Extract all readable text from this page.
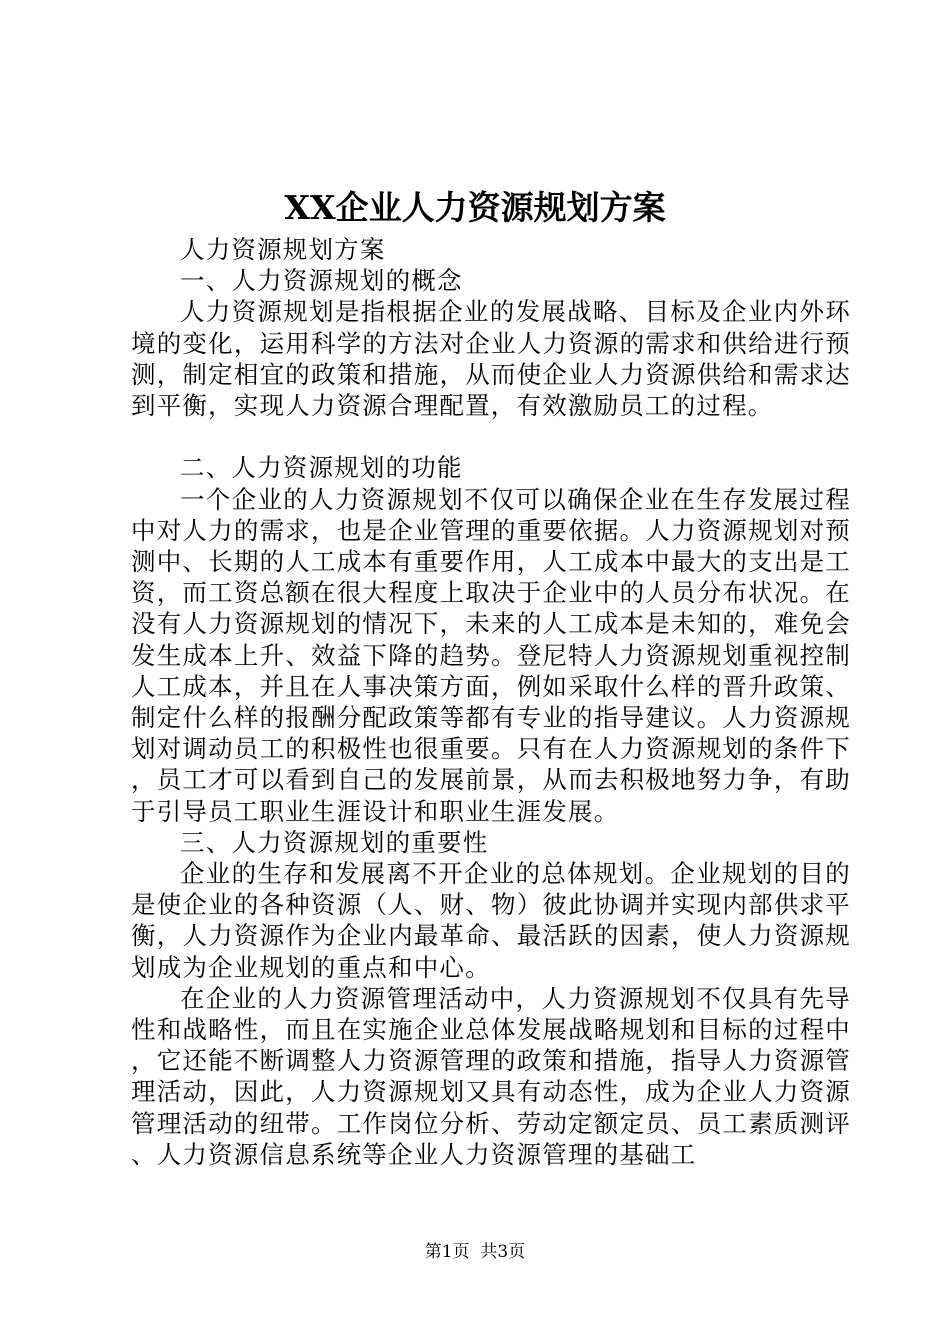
XX企业人力资源规划方案

人力资源规划方案

一、人力资源规划的概念

人力资源规划是指根据企业的发展战略、目标及企业内外环境的变化，运用科学的方法对企业人力资源的需求和供给进行预测，制定相宜的政策和措施，从而使企业人力资源供给和需求达到平衡，实现人力资源合理配置，有效激励员工的过程。

二、人力资源规划的功能

一个企业的人力资源规划不仅可以确保企业在生存发展过程中对人力的需求，也是企业管理的重要依据。人力资源规划对预测中、长期的人工成本有重要作用，人工成本中最大的支出是工资，而工资总额在很大程度上取决于企业中的人员分布状况。在没有人力资源规划的情况下，未来的人工成本是未知的，难免会发生成本上升、效益下降的趋势。登尼特人力资源规划重视控制人工成本，并且在人事决策方面，例如采取什么样的晋升政策、制定什么样的报酬分配政策等都有专业的指导建议。人力资源规划对调动员工的积极性也很重要。只有在人力资源规划的条件下，员工才可以看到自己的发展前景，从而去积极地努力争，有助于引导员工职业生涯设计和职业生涯发展。

三、人力资源规划的重要性

企业的生存和发展离不开企业的总体规划。企业规划的目的是使企业的各种资源（人、财、物）彼此协调并实现内部供求平衡，人力资源作为企业内最革命、最活跃的因素，使人力资源规划成为企业规划的重点和中心。

在企业的人力资源管理活动中，人力资源规划不仅具有先导性和战略性，而且在实施企业总体发展战略规划和目标的过程中，它还能不断调整人力资源管理的政策和措施，指导人力资源管理活动，因此，人力资源规划又具有动态性，成为企业人力资源管理活动的纽带。工作岗位分析、劳动定额定员、员工素质测评、人力资源信息系统等企业人力资源管理的基础工

第1页  共3页
